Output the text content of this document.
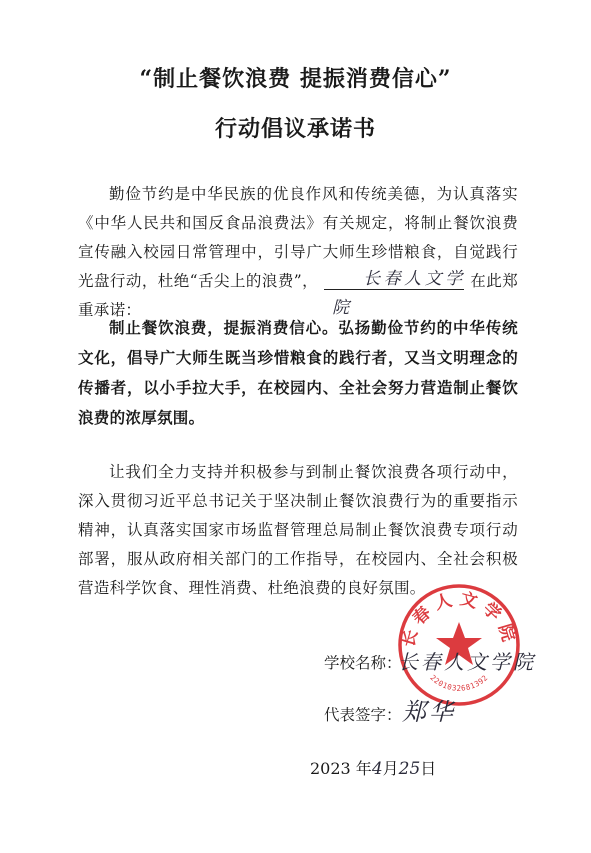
“制止餐饮浪费 提振消费信心”
行动倡议承诺书
勤俭节约是中华民族的优良作风和传统美德，为认真落实《中华人民共和国反食品浪费法》有关规定，将制止餐饮浪费宣传融入校园日常管理中，引导广大师生珍惜粮食，自觉践行光盘行动，杜绝“舌尖上的浪费”，	长春人文学院
在此郑重承诺：
制止餐饮浪费，提振消费信心。弘扬勤俭节约的中华传统文化，倡导广大师生既当珍惜粮食的践行者，又当文明理念的传播者，以小手拉大手，在校园内、全社会努力营造制止餐饮浪费的浓厚氛围。
让我们全力支持并积极参与到制止餐饮浪费各项行动中，深入贯彻习近平总书记关于坚决制止餐饮浪费行为的重要指示精神，认真落实国家市场监督管理总局制止餐饮浪费专项行动部署，服从政府相关部门的工作指导，在校园内、全社会积极营造科学饮食、理性消费、杜绝浪费的良好氛围。
长春人文学院
2201032681392
学校名称：
长春人文学院
代表签字： 郑华
2023 年4月25日
